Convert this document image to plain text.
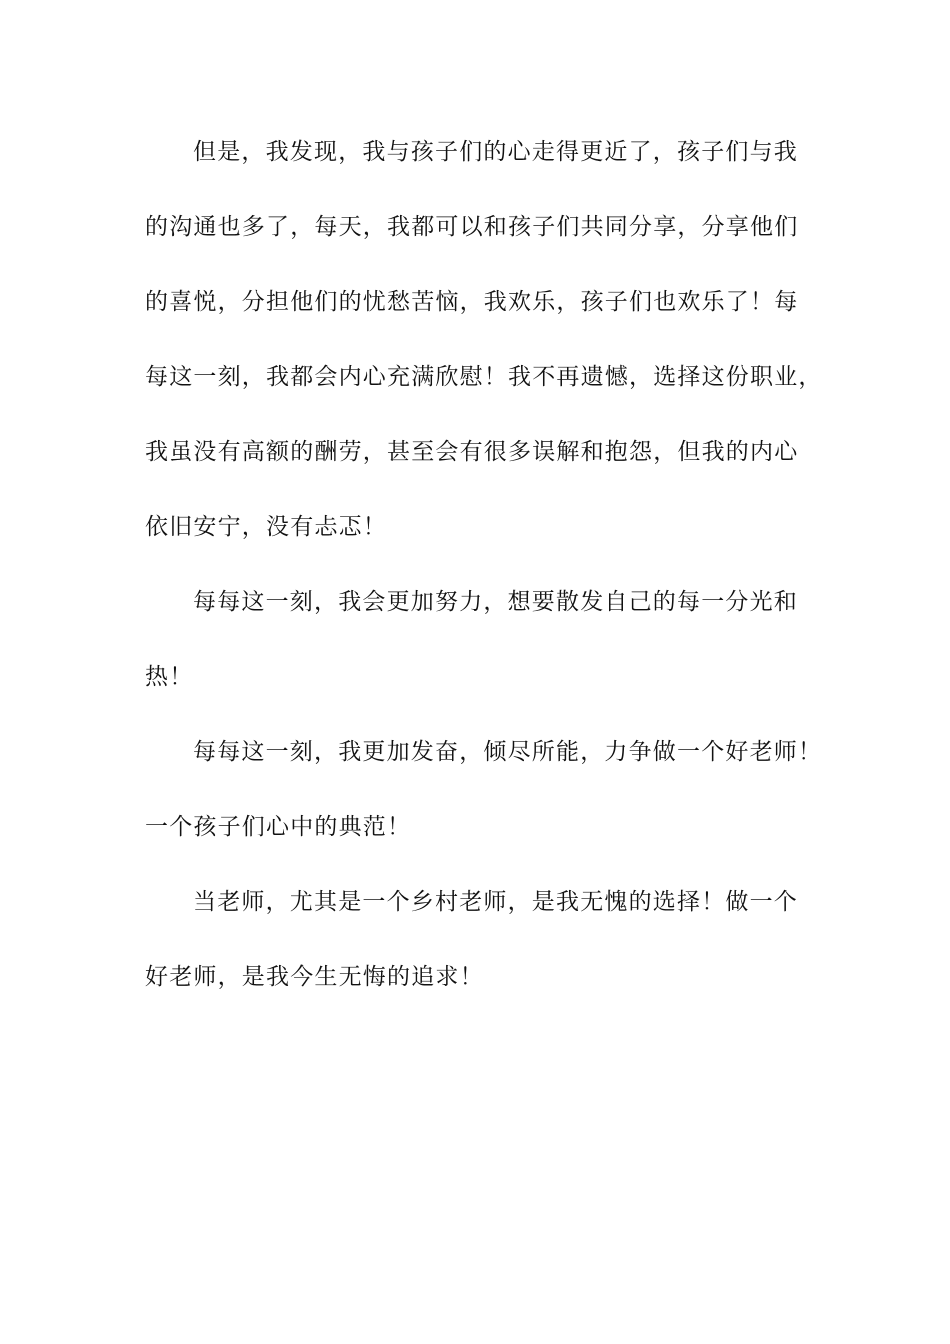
但是，我发现，我与孩子们的心走得更近了，孩子们与我

的沟通也多了，每天，我都可以和孩子们共同分享，分享他们

的喜悦，分担他们的忧愁苦恼，我欢乐，孩子们也欢乐了！每

每这一刻，我都会内心充满欣慰！我不再遗憾，选择这份职业，

我虽没有高额的酬劳，甚至会有很多误解和抱怨，但我的内心

依旧安宁，没有忐忑！

每每这一刻，我会更加努力，想要散发自己的每一分光和

热！

每每这一刻，我更加发奋，倾尽所能，力争做一个好老师！

一个孩子们心中的典范！

当老师，尤其是一个乡村老师，是我无愧的选择！做一个

好老师，是我今生无悔的追求！
